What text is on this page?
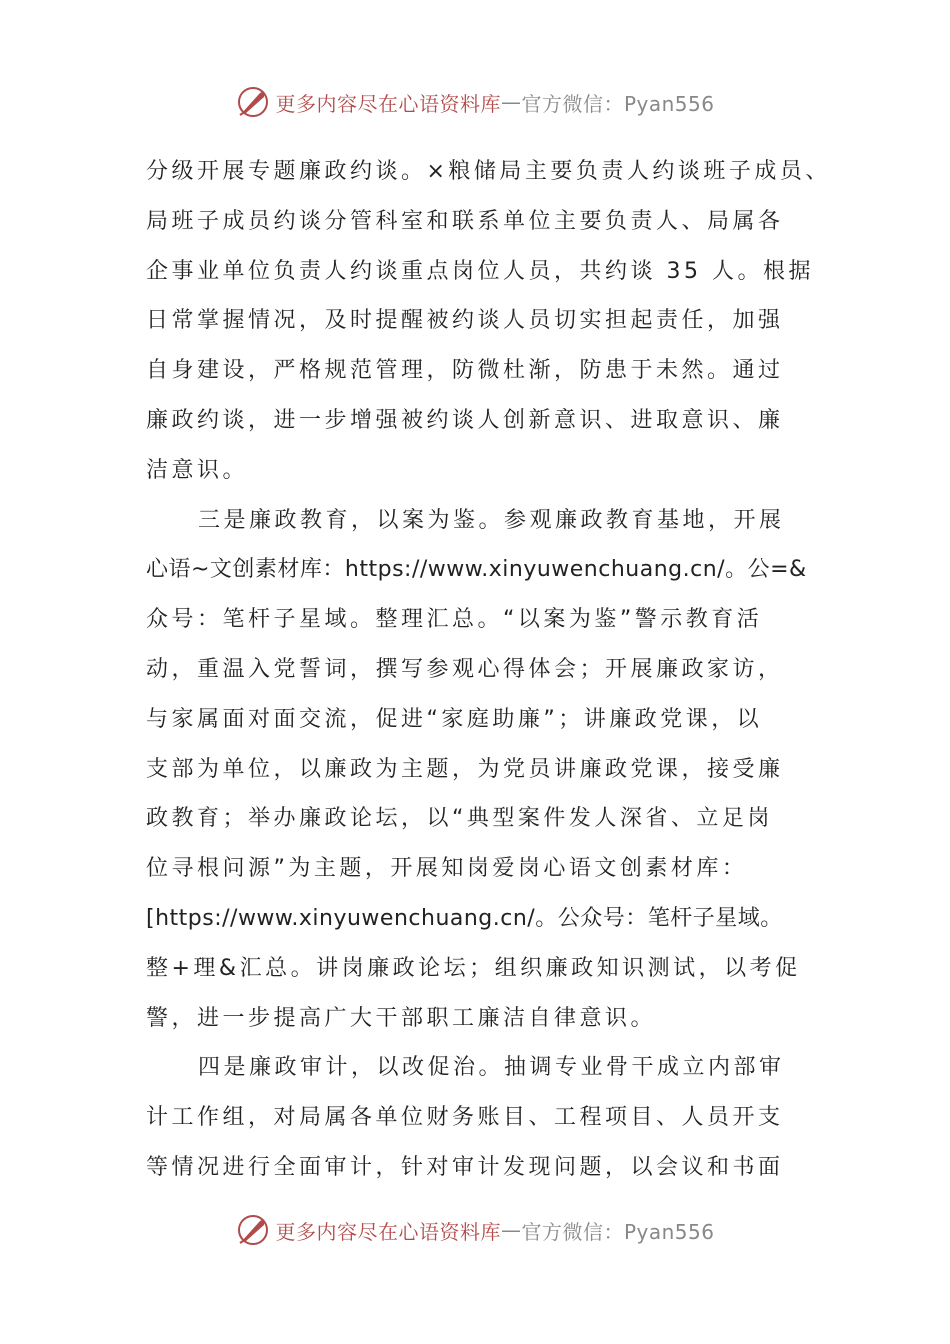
更多内容尽在心语资料库 — 官方微信：Pyan556
分级开展专题廉政约谈。×粮储局主要负责人约谈班子成员、
局班子成员约谈分管科室和联系单位主要负责人、局属各
企事业单位负责人约谈重点岗位人员，共约谈 35 人。根据
日常掌握情况，及时提醒被约谈人员切实担起责任，加强
自身建设，严格规范管理，防微杜渐，防患于未然。通过
廉政约谈，进一步增强被约谈人创新意识、进取意识、廉
洁意识。
三是廉政教育，以案为鉴。参观廉政教育基地，开展
心语~文创素材库：https://www.xinyuwenchuang.cn/。公=&
众号：笔杆子星域。整理汇总。“以案为鉴”警示教育活
动，重温入党誓词，撰写参观心得体会；开展廉政家访，
与家属面对面交流，促进“家庭助廉”；讲廉政党课，以
支部为单位，以廉政为主题，为党员讲廉政党课，接受廉
政教育；举办廉政论坛，以“典型案件发人深省、立足岗
位寻根问源”为主题，开展知岗爱岗心语文创素材库：
[https://www.xinyuwenchuang.cn/。公众号：笔杆子星域。
整+理&汇总。讲岗廉政论坛；组织廉政知识测试，以考促
警，进一步提高广大干部职工廉洁自律意识。
四是廉政审计，以改促治。抽调专业骨干成立内部审
计工作组，对局属各单位财务账目、工程项目、人员开支
等情况进行全面审计，针对审计发现问题，以会议和书面
更多内容尽在心语资料库 — 官方微信：Pyan556
